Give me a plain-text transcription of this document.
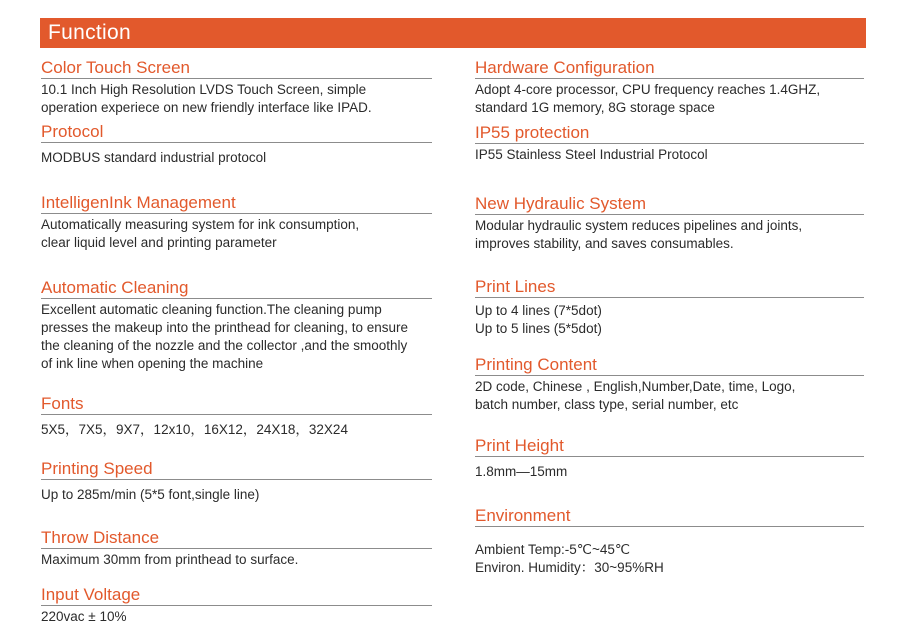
Function
Color Touch Screen
10.1 Inch High Resolution LVDS Touch Screen, simple
operation experiece on new friendly interface like IPAD.
Protocol
MODBUS standard industrial protocol
IntelligenInk Management
Automatically measuring system for ink consumption,
clear liquid level and printing parameter
Automatic Cleaning
Excellent automatic cleaning function.The cleaning pump
presses the makeup into the printhead for cleaning, to ensure
the cleaning of the nozzle and the collector ,and the smoothly
of ink line when opening the machine
Fonts
5X5，7X5，9X7，12x10，16X12，24X18，32X24
Printing Speed
Up to 285m/min (5*5 font,single line)
Throw Distance
Maximum 30mm from printhead to surface.
Input Voltage
220vac ± 10%
Hardware Configuration
Adopt 4-core processor, CPU frequency reaches 1.4GHZ,
standard 1G memory, 8G storage space
IP55 protection
IP55 Stainless Steel Industrial Protocol
New Hydraulic System
Modular hydraulic system reduces pipelines and joints,
improves stability, and saves consumables.
Print Lines
Up to 4 lines (7*5dot)
Up to 5 lines (5*5dot)
Printing Content
2D code, Chinese , English,Number,Date, time, Logo,
batch number, class type, serial number, etc
Print Height
1.8mm—15mm
Environment
Ambient Temp:-5℃~45℃
Environ. Humidity：30~95%RH
